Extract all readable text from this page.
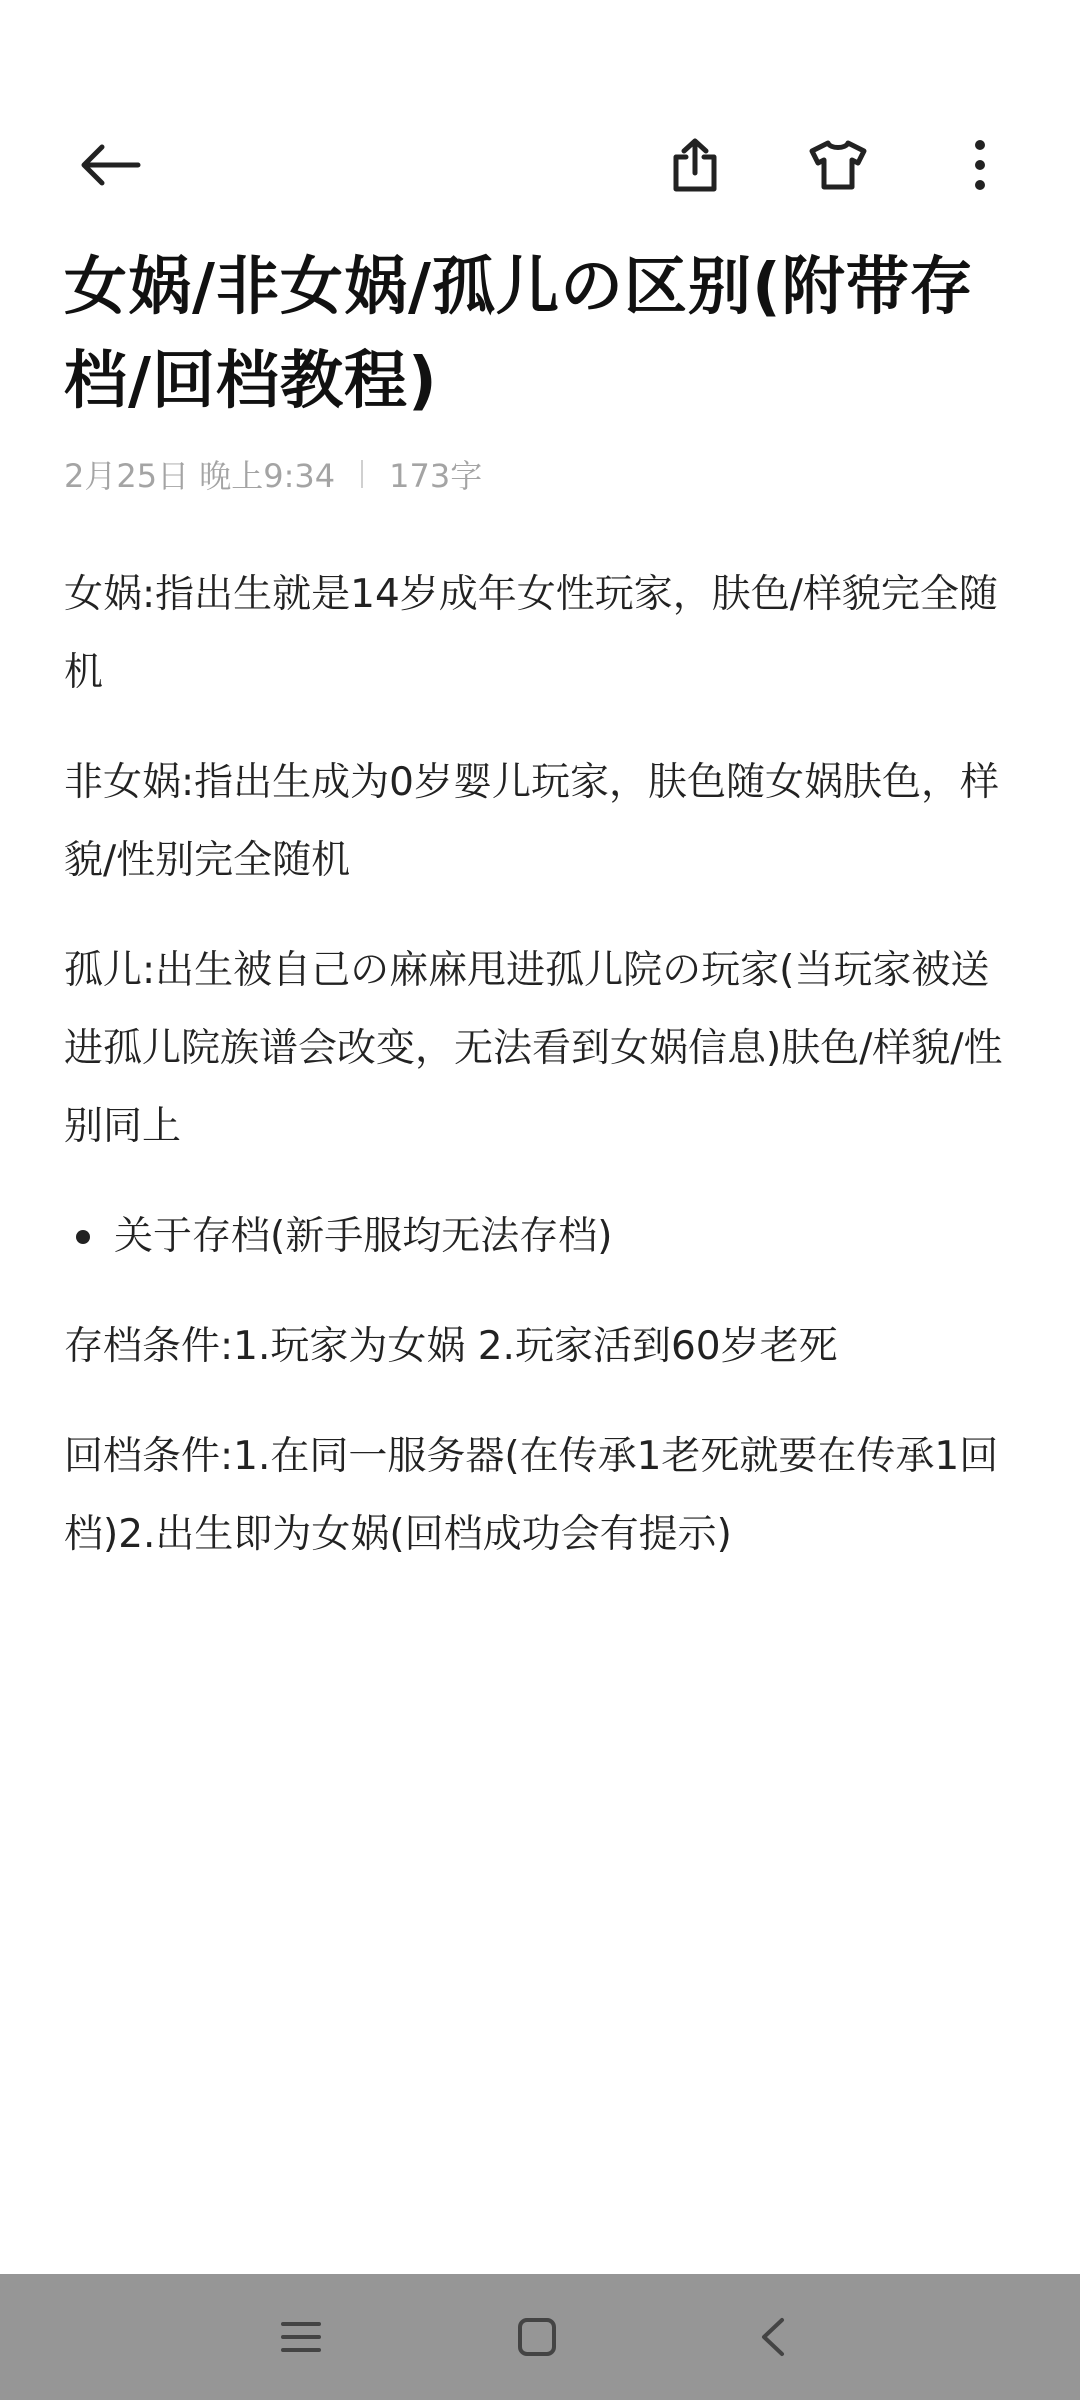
女娲/非女娲/孤儿の区别(附带存档/回档教程)
2月25日 晚上9:34 173字

女娲:指出生就是14岁成年女性玩家，肤色/样貌完全随机

非女娲:指出生成为0岁婴儿玩家，肤色随女娲肤色，样貌/性别完全随机

孤儿:出生被自己の麻麻甩进孤儿院の玩家(当玩家被送进孤儿院族谱会改变，无法看到女娲信息)肤色/样貌/性别同上

关于存档(新手服均无法存档)

存档条件:1.玩家为女娲 2.玩家活到60岁老死

回档条件:1.在同一服务器(在传承1老死就要在传承1回档)2.出生即为女娲(回档成功会有提示)
